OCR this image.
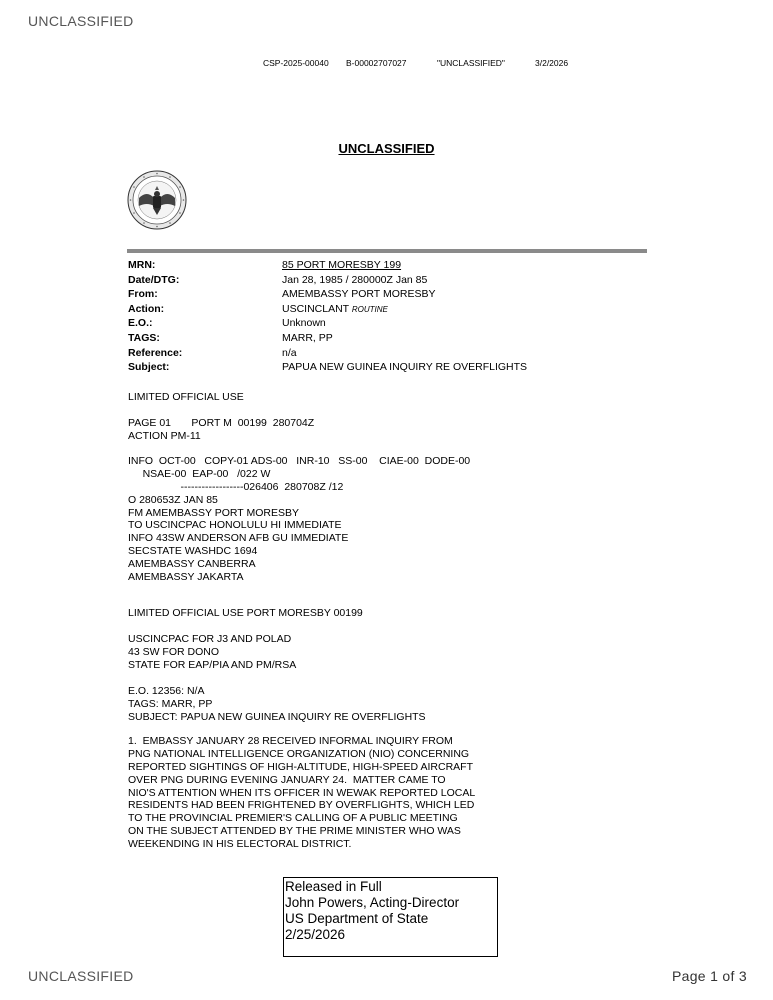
UNCLASSIFIED
CSP-2025-00040 B-00002707027	"UNCLASSIFIED"	3/2/2026
UNCLASSIFIED
MRN:	85 PORT MORESBY 199
Date/DTG:	Jan 28, 1985 / 280000Z Jan 85
From:	AMEMBASSY PORT MORESBY
Action:	USCINCLANT ROUTINE
E.O.:	Unknown
TAGS:	MARR, PP
Reference:	n/a
Subject:	PAPUA NEW GUINEA INQUIRY RE OVERFLIGHTS
LIMITED OFFICIAL USE
PAGE 01       PORT M  00199  280704Z
ACTION PM-11
INFO  OCT-00   COPY-01 ADS-00   INR-10   SS-00    CIAE-00  DODE-00
NSAE-00  EAP-00   /022 W
------------------026406  280708Z /12
O 280653Z JAN 85
FM AMEMBASSY PORT MORESBY
TO USCINCPAC HONOLULU HI IMMEDIATE
INFO 43SW ANDERSON AFB GU IMMEDIATE
SECSTATE WASHDC 1694
AMEMBASSY CANBERRA
AMEMBASSY JAKARTA
LIMITED OFFICIAL USE PORT MORESBY 00199
USCINCPAC FOR J3 AND POLAD
43 SW FOR DONO
STATE FOR EAP/PIA AND PM/RSA
E.O. 12356: N/A
TAGS: MARR, PP
SUBJECT: PAPUA NEW GUINEA INQUIRY RE OVERFLIGHTS
1.  EMBASSY JANUARY 28 RECEIVED INFORMAL INQUIRY FROM
PNG NATIONAL INTELLIGENCE ORGANIZATION (NIO) CONCERNING
REPORTED SIGHTINGS OF HIGH-ALTITUDE, HIGH-SPEED AIRCRAFT
OVER PNG DURING EVENING JANUARY 24.  MATTER CAME TO
NIO'S ATTENTION WHEN ITS OFFICER IN WEWAK REPORTED LOCAL
RESIDENTS HAD BEEN FRIGHTENED BY OVERFLIGHTS, WHICH LED
TO THE PROVINCIAL PREMIER'S CALLING OF A PUBLIC MEETING
ON THE SUBJECT ATTENDED BY THE PRIME MINISTER WHO WAS
WEEKENDING IN HIS ELECTORAL DISTRICT.
Released in Full
John Powers, Acting-Director
US Department of State
2/25/2026
UNCLASSIFIED	Page 1 of 3
